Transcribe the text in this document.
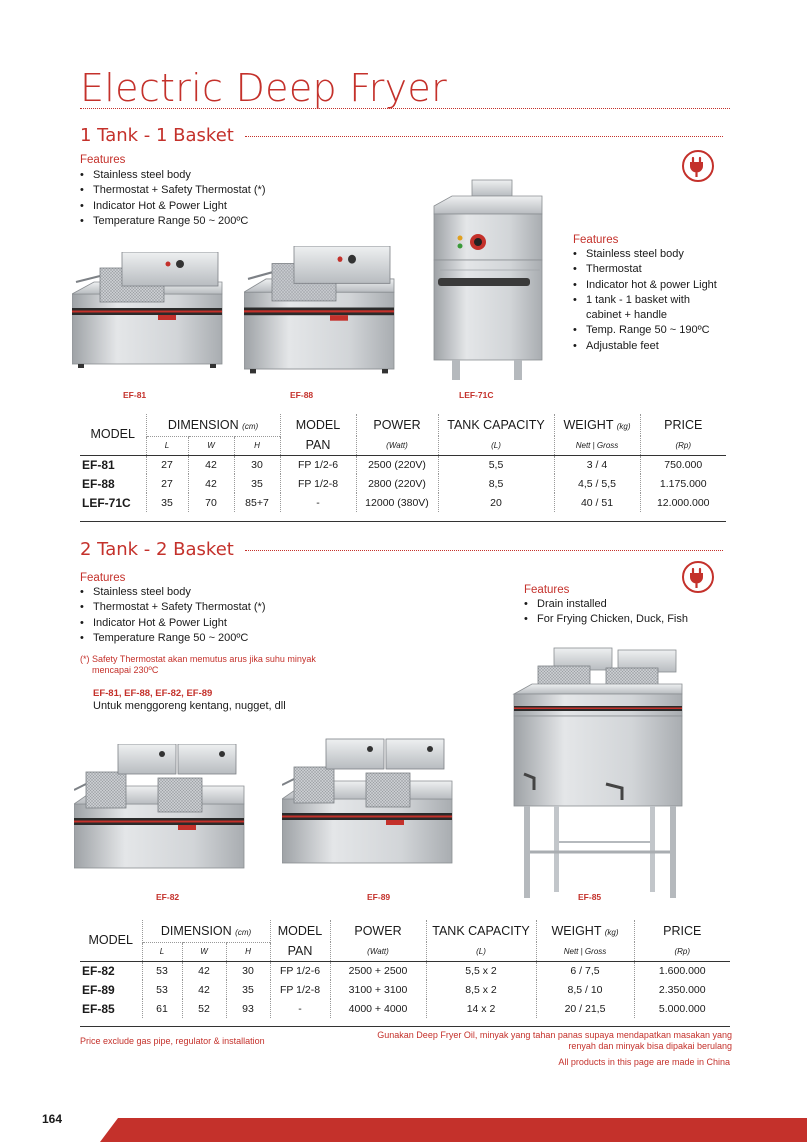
Electric Deep Fryer
1 Tank - 1 Basket
Features
• Stainless steel body
• Thermostat + Safety Thermostat (*)
• Indicator Hot & Power Light
• Temperature Range 50 ~ 200ºC
EF-81	EF-88	LEF-71C
Features
• Stainless steel body
• Thermostat
• Indicator hot & power Light
• 1 tank - 1 basket with cabinet + handle
• Temp. Range 50 ~ 190ºC
• Adjustable feet
MODEL	DIMENSION (cm)			MODEL	POWER	TANK CAPACITY	WEIGHT (kg)	PRICE
	L	W	H	PAN	(Watt)	(L)	Nett | Gross	(Rp)
EF-81	27	42	30	FP 1/2-6	2500 (220V)	5,5	3 / 4	750.000
EF-88	27	42	35	FP 1/2-8	2800 (220V)	8,5	4,5 / 5,5	1.175.000
LEF-71C	35	70	85+7	-	12000 (380V)	20	40 / 51	12.000.000
2 Tank - 2 Basket
Features
• Stainless steel body
• Thermostat + Safety Thermostat (*)
• Indicator Hot & Power Light
• Temperature Range 50 ~ 200ºC
(*) Safety Thermostat akan memutus arus jika suhu minyak
mencapai 230ºC
EF-81, EF-88, EF-82, EF-89
Untuk menggoreng kentang, nugget, dll
Features
• Drain installed
• For Frying Chicken, Duck, Fish
EF-82	EF-89	EF-85
MODEL	DIMENSION (cm)			MODEL	POWER	TANK CAPACITY	WEIGHT (kg)	PRICE
	L	W	H	PAN	(Watt)	(L)	Nett | Gross	(Rp)
EF-82	53	42	30	FP 1/2-6	2500 + 2500	5,5 x 2	6 / 7,5	1.600.000
EF-89	53	42	35	FP 1/2-8	3100 + 3100	8,5 x 2	8,5 / 10	2.350.000
EF-85	61	52	93	-	4000 + 4000	14 x 2	20 / 21,5	5.000.000
Price exclude gas pipe, regulator & installation
Gunakan Deep Fryer Oil, minyak yang tahan panas supaya mendapatkan masakan yang
renyah dan minyak bisa dipakai berulang
All products in this page are made in China
164
